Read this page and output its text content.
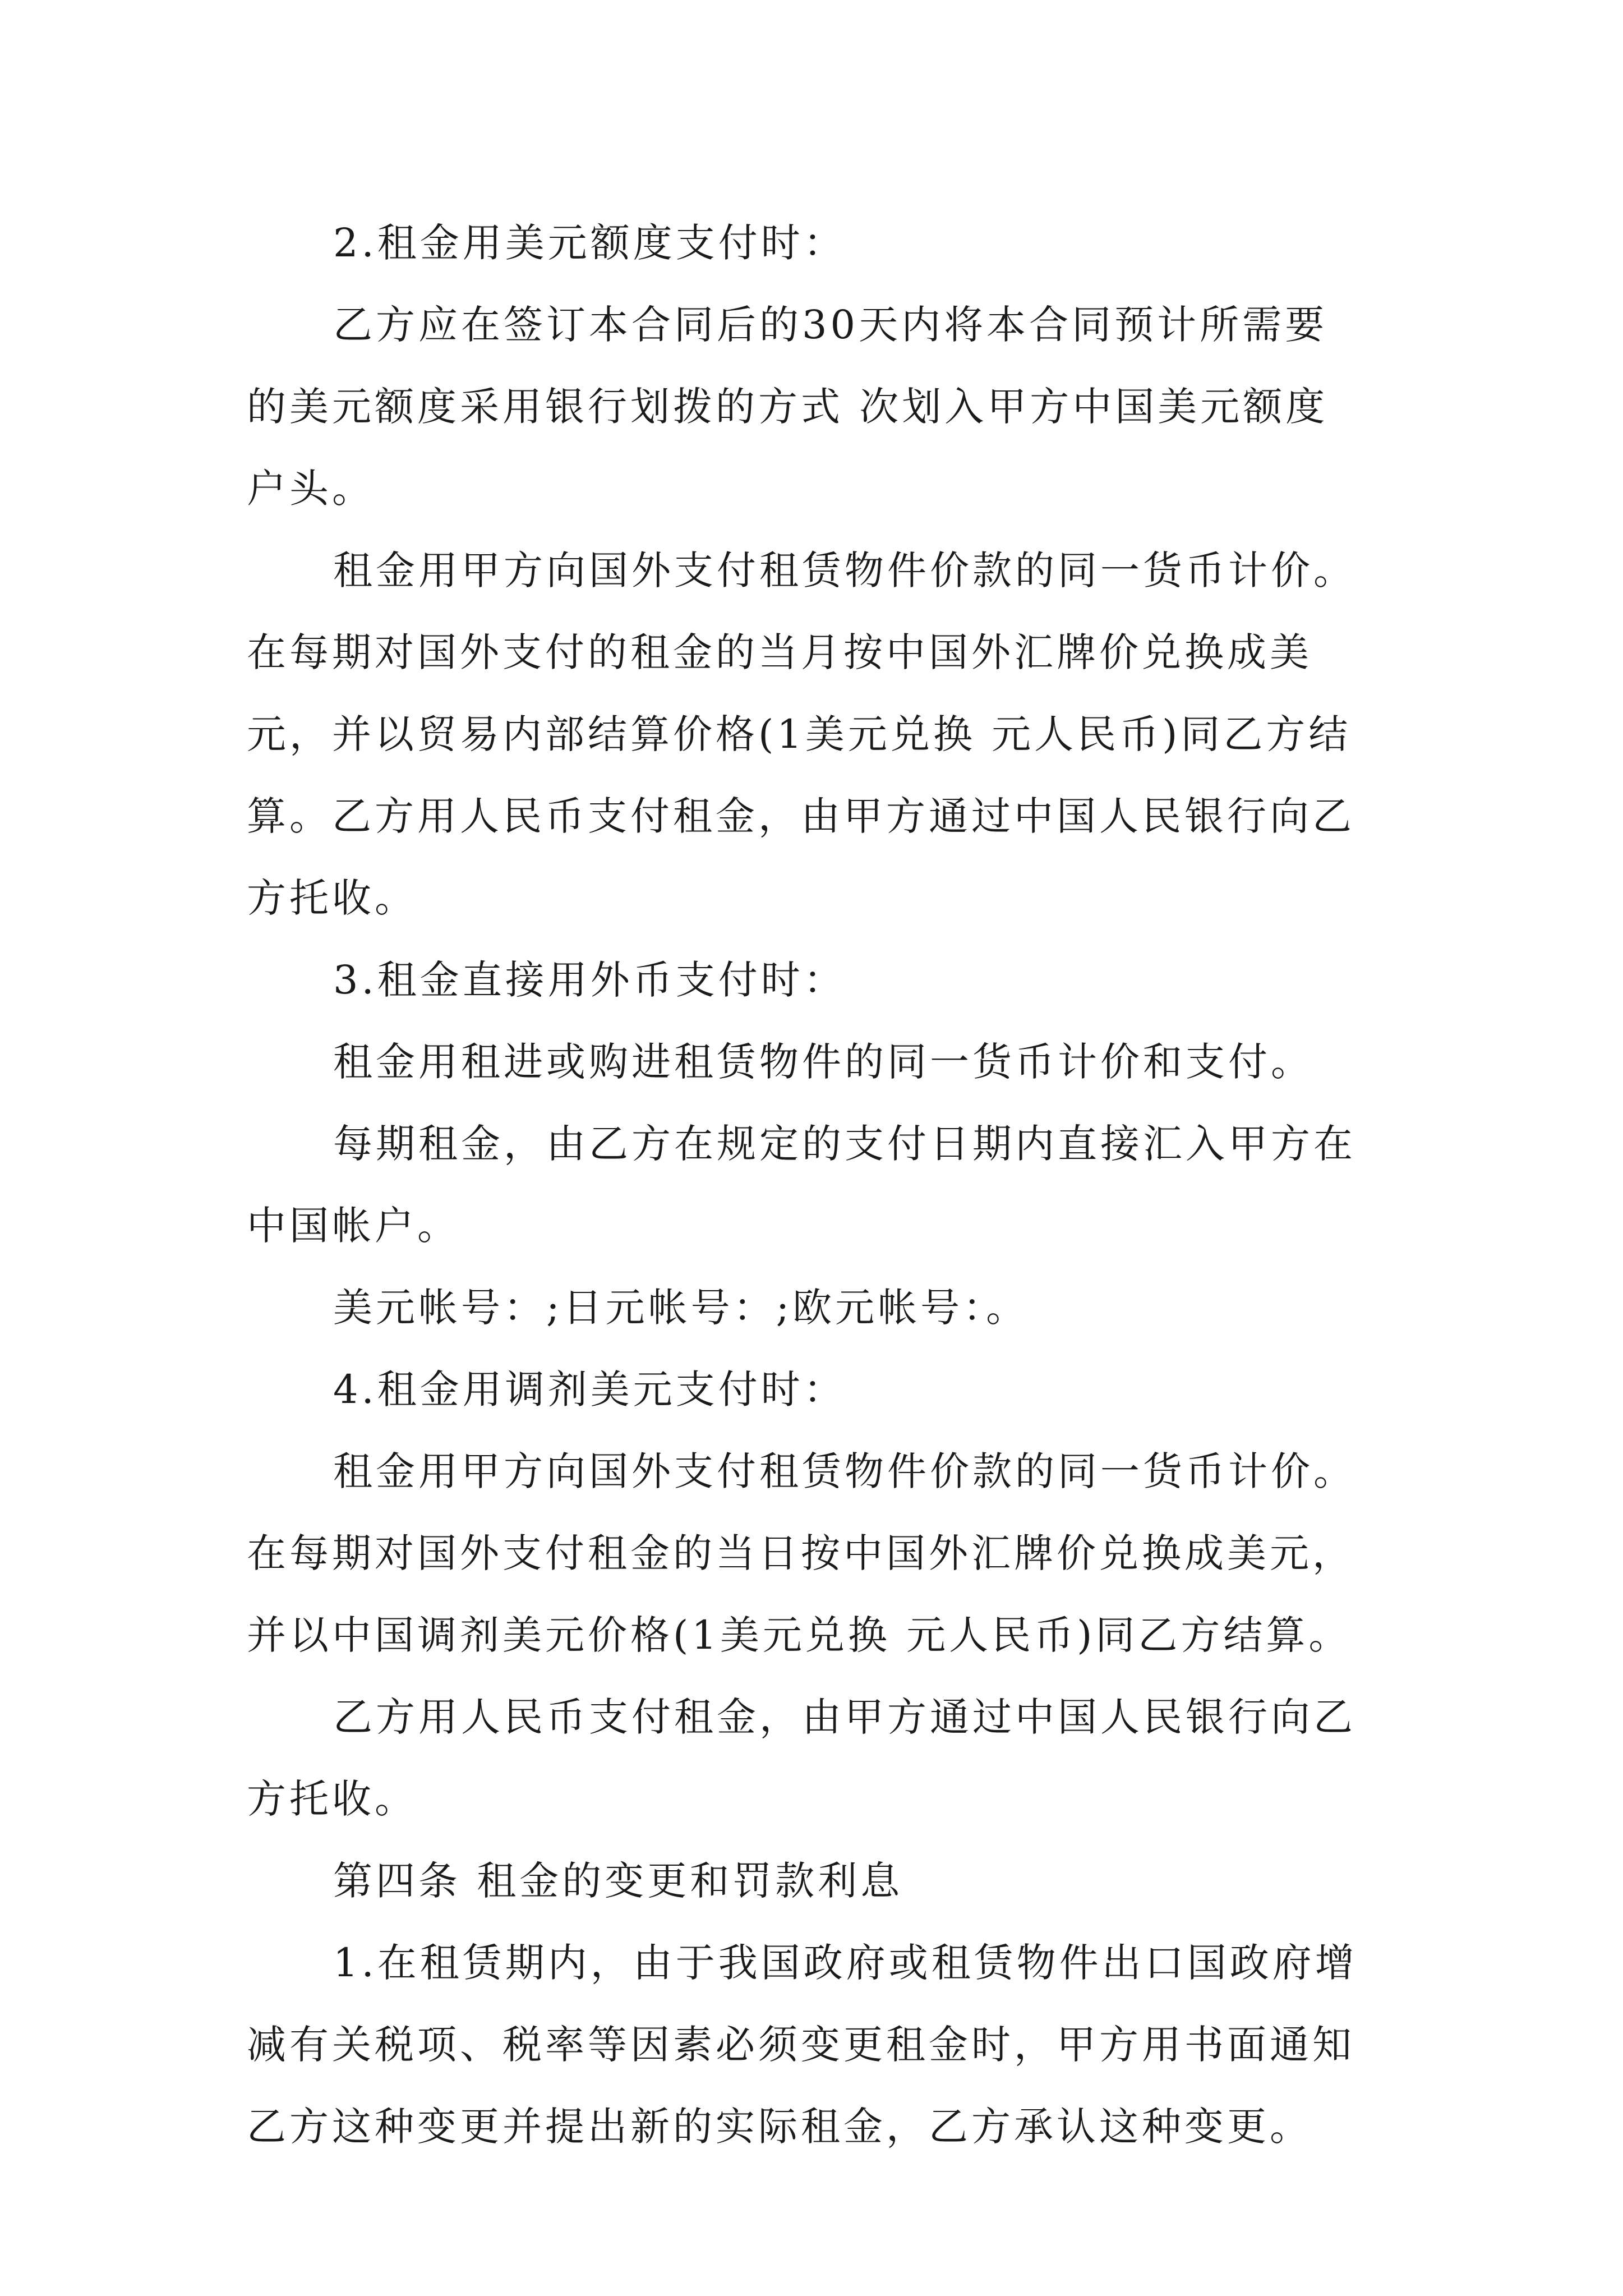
2.租金用美元额度支付时：
乙方应在签订本合同后的30天内将本合同预计所需要
的美元额度采用银行划拨的方式 次划入甲方中国美元额度
户头。
租金用甲方向国外支付租赁物件价款的同一货币计价。
在每期对国外支付的租金的当月按中国外汇牌价兑换成美
元，并以贸易内部结算价格(1美元兑换 元人民币)同乙方结
算。乙方用人民币支付租金，由甲方通过中国人民银行向乙
方托收。
3.租金直接用外币支付时：
租金用租进或购进租赁物件的同一货币计价和支付。
每期租金，由乙方在规定的支付日期内直接汇入甲方在
中国帐户。
美元帐号：;日元帐号：;欧元帐号：。
4.租金用调剂美元支付时：
租金用甲方向国外支付租赁物件价款的同一货币计价。
在每期对国外支付租金的当日按中国外汇牌价兑换成美元，
并以中国调剂美元价格(1美元兑换 元人民币)同乙方结算。
乙方用人民币支付租金，由甲方通过中国人民银行向乙
方托收。
第四条 租金的变更和罚款利息
1.在租赁期内，由于我国政府或租赁物件出口国政府增
减有关税项、税率等因素必须变更租金时，甲方用书面通知
乙方这种变更并提出新的实际租金，乙方承认这种变更。
